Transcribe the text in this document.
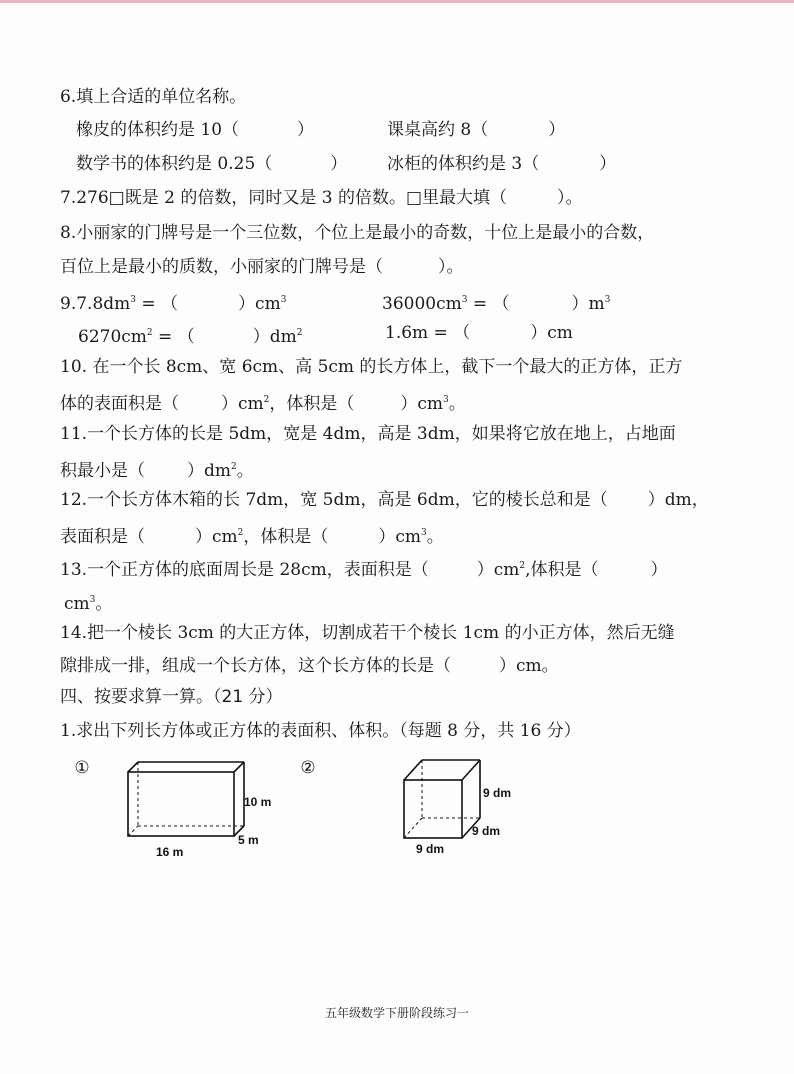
6.填上合适的单位名称。
橡皮的体积约是 10（	）	课桌高约 8（	）
数学书的体积约是 0.25（	） 冰柜的体积约是 3（	）
7.276□既是 2 的倍数，同时又是 3 的倍数。□里最大填（	）。
8.小丽家的门牌号是一个三位数，个位上是最小的奇数，十位上是最小的合数，
百位上是最小的质数，小丽家的门牌号是（	）。
$9.7.8dm^3$ = （	）$cm^3$	$36000cm^3$ = （	）$m^3$
$6270cm^2$ = （	）$dm^2$	1.6m = （	）cm
10. 在一个长 8cm、宽 6cm、高 5cm 的长方体上，截下一个最大的正方体，正方
体的表面积是（ ）$cm^2$，体积是（	）$cm^3$。
11.一个长方体的长是 5dm，宽是 4dm，高是 3dm，如果将它放在地上，占地面
积最小是（ ）$dm^2$。
12.一个长方体木箱的长 7dm，宽 5dm，高是 6dm，它的棱长总和是（ ）dm，
表面积是（	）$cm^2$，体积是（	）$cm^3$。
13.一个正方体的底面周长是 28cm，表面积是（	）$cm^2$,体积是（	）
$cm^3$。
14.把一个棱长 3cm 的大正方体，切割成若干个棱长 1cm 的小正方体，然后无缝
隙排成一排，组成一个长方体，这个长方体的长是（	）cm。
四、按要求算一算。（21 分）
1.求出下列长方体或正方体的表面积、体积。（每题 8 分，共 16 分）
①
10 m
5 m
16 m
②
9 dm
9 dm
9 dm
五年级数学下册阶段练习一
